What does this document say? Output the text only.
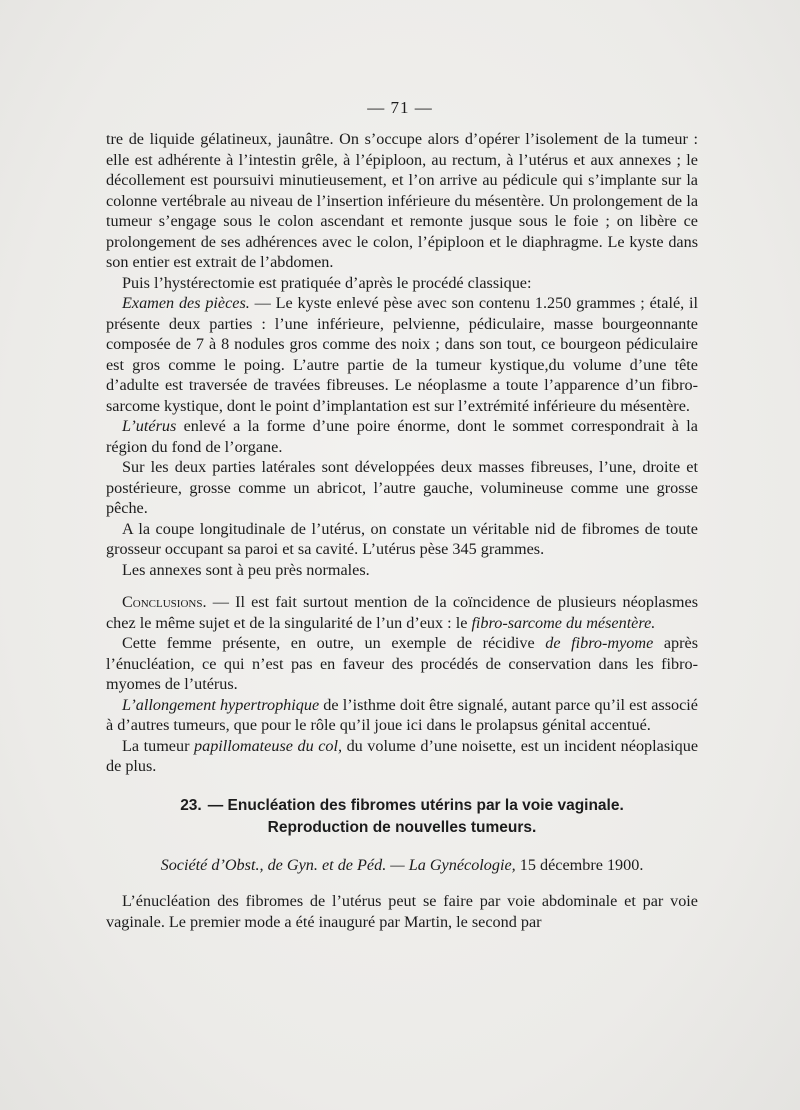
— 71 —

tre de liquide gélatineux, jaunâtre. On s’occupe alors d’opérer l’isolement de la tumeur : elle est adhérente à l’intestin grêle, à l’épiploon, au rectum, à l’utérus et aux annexes ; le décollement est poursuivi minutieusement, et l’on arrive au pédicule qui s’implante sur la colonne vertébrale au niveau de l’insertion inférieure du mésentère. Un prolongement de la tumeur s’engage sous le colon ascendant et remonte jusque sous le foie ; on libère ce prolongement de ses adhérences avec le colon, l’épiploon et le diaphragme. Le kyste dans son entier est extrait de l’abdomen.

Puis l’hystérectomie est pratiquée d’après le procédé classique:

Examen des pièces. — Le kyste enlevé pèse avec son contenu 1.250 grammes ; étalé, il présente deux parties : l’une inférieure, pelvienne, pédiculaire, masse bourgeonnante composée de 7 à 8 nodules gros comme des noix ; dans son tout, ce bourgeon pédiculaire est gros comme le poing. L’autre partie de la tumeur kystique,du volume d’une tête d’adulte est traversée de travées fibreuses. Le néoplasme a toute l’apparence d’un fibro-sarcome kystique, dont le point d’implantation est sur l’extrémité inférieure du mésentère.

L’utérus enlevé a la forme d’une poire énorme, dont le sommet correspondrait à la région du fond de l’organe.

Sur les deux parties latérales sont développées deux masses fibreuses, l’une, droite et postérieure, grosse comme un abricot, l’autre gauche, volumineuse comme une grosse pêche.

A la coupe longitudinale de l’utérus, on constate un véritable nid de fibromes de toute grosseur occupant sa paroi et sa cavité. L’utérus pèse 345 grammes.

Les annexes sont à peu près normales.

Conclusions. — Il est fait surtout mention de la coïncidence de plusieurs néoplasmes chez le même sujet et de la singularité de l’un d’eux : le fibro-sarcome du mésentère.

Cette femme présente, en outre, un exemple de récidive de fibro-myome après l’énucléation, ce qui n’est pas en faveur des procédés de conservation dans les fibro-myomes de l’utérus.

L’allongement hypertrophique de l’isthme doit être signalé, autant parce qu’il est associé à d’autres tumeurs, que pour le rôle qu’il joue ici dans le prolapsus génital accentué.

La tumeur papillomateuse du col, du volume d’une noisette, est un incident néoplasique de plus.

23. — Enucléation des fibromes utérins par la voie vaginale.
Reproduction de nouvelles tumeurs.

Société d’Obst., de Gyn. et de Péd. — La Gynécologie, 15 décembre 1900.

L’énucléation des fibromes de l’utérus peut se faire par voie abdominale et par voie vaginale. Le premier mode a été inauguré par Martin, le second par
